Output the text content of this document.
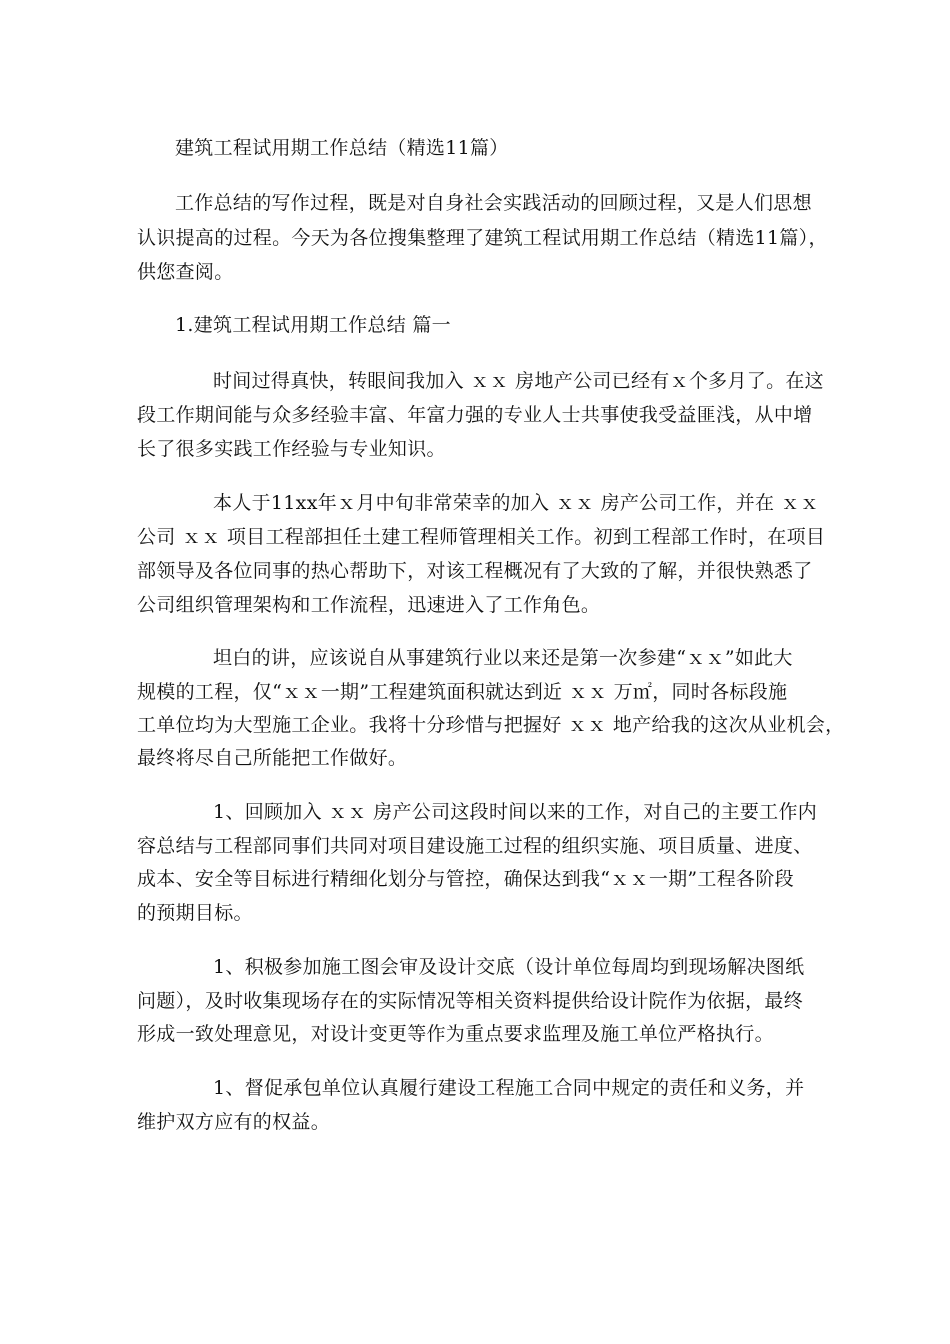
建筑工程试用期工作总结（精选11篇）
工作总结的写作过程，既是对自身社会实践活动的回顾过程，又是人们思想
认识提高的过程。今天为各位搜集整理了建筑工程试用期工作总结（精选11篇），
供您查阅。
1.建筑工程试用期工作总结 篇一
时间过得真快，转眼间我加入 ｘｘ 房地产公司已经有ｘ个多月了。在这
段工作期间能与众多经验丰富、年富力强的专业人士共事使我受益匪浅，从中增
长了很多实践工作经验与专业知识。
本人于11xx年ｘ月中旬非常荣幸的加入 ｘｘ 房产公司工作，并在 ｘｘ
公司 ｘｘ 项目工程部担任土建工程师管理相关工作。初到工程部工作时，在项目
部领导及各位同事的热心帮助下，对该工程概况有了大致的了解，并很快熟悉了
公司组织管理架构和工作流程，迅速进入了工作角色。
坦白的讲，应该说自从事建筑行业以来还是第一次参建“ｘｘ”如此大
规模的工程，仅“ｘｘ一期”工程建筑面积就达到近 ｘｘ 万㎡，同时各标段施
工单位均为大型施工企业。我将十分珍惜与把握好 ｘｘ 地产给我的这次从业机会，
最终将尽自己所能把工作做好。
1、回顾加入 ｘｘ 房产公司这段时间以来的工作，对自己的主要工作内
容总结与工程部同事们共同对项目建设施工过程的组织实施、项目质量、进度、
成本、安全等目标进行精细化划分与管控，确保达到我“ｘｘ一期”工程各阶段
的预期目标。
1、积极参加施工图会审及设计交底（设计单位每周均到现场解决图纸
问题），及时收集现场存在的实际情况等相关资料提供给设计院作为依据，最终
形成一致处理意见，对设计变更等作为重点要求监理及施工单位严格执行。
1、督促承包单位认真履行建设工程施工合同中规定的责任和义务，并
维护双方应有的权益。
